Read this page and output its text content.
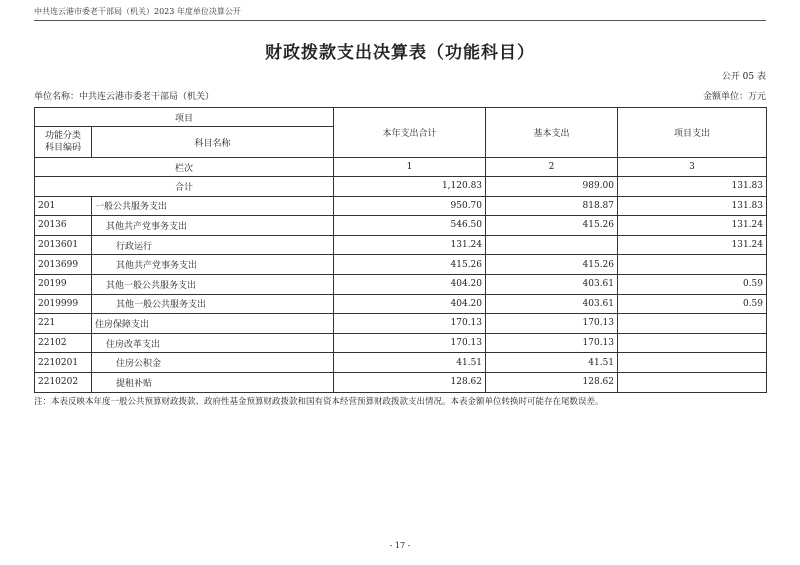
中共连云港市委老干部局（机关）2023 年度单位决算公开
财政拨款支出决算表（功能科目）
公开 05 表
单位名称：中共连云港市委老干部局（机关）	金额单位：万元
项目		本年支出合计	基本支出	项目支出
功能分类
科目编码	科目名称			
栏次		1	2	3
合计		1,120.83	989.00	131.83
201	一般公共服务支出	950.70	818.87	131.83
20136	其他共产党事务支出	546.50	415.26	131.24
2013601	行政运行	131.24		131.24
2013699	其他共产党事务支出	415.26	415.26	
20199	其他一般公共服务支出	404.20	403.61	0.59
2019999	其他一般公共服务支出	404.20	403.61	0.59
221	住房保障支出	170.13	170.13	
22102	住房改革支出	170.13	170.13	
2210201	住房公积金	41.51	41.51	
2210202	提租补贴	128.62	128.62	
注：本表反映本年度一般公共预算财政拨款、政府性基金预算财政拨款和国有资本经营预算财政拨款支出情况。本表金额单位转换时可能存在尾数误差。
- 17 -
